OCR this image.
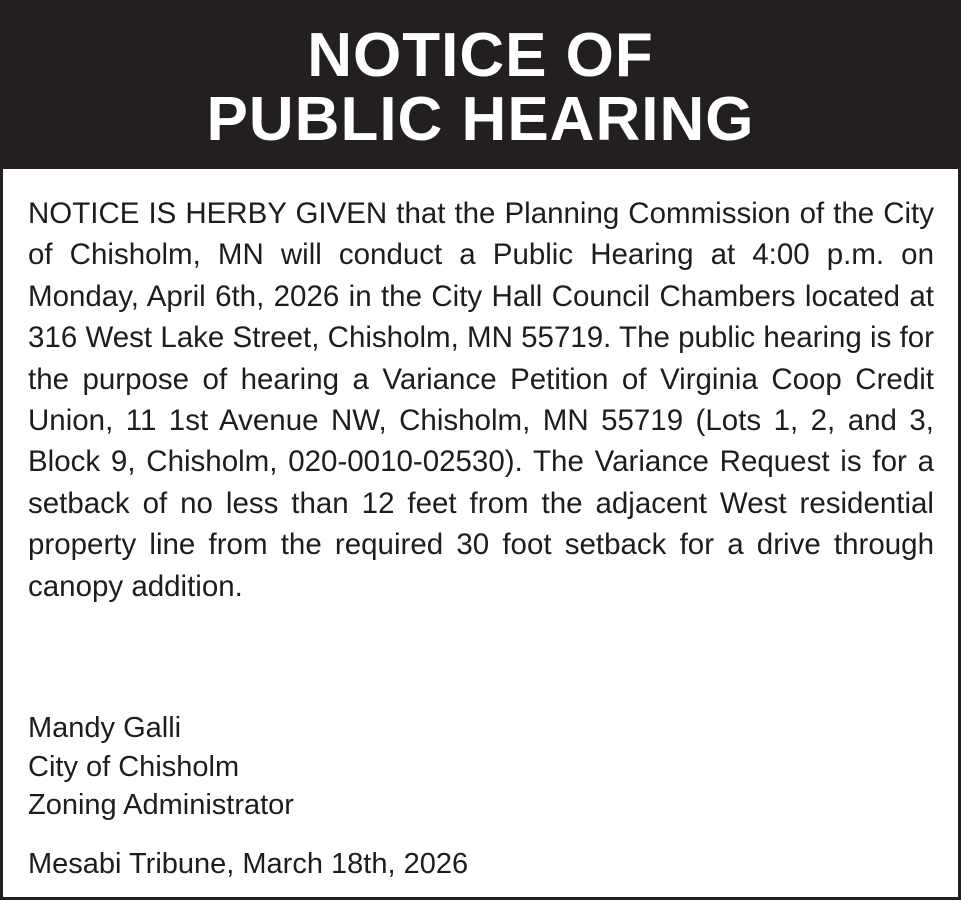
NOTICE OF
PUBLIC HEARING

NOTICE IS HERBY GIVEN that the Planning Commission of the City of Chisholm, MN will conduct a Public Hearing at 4:00 p.m. on Monday, April 6th, 2026 in the City Hall Council Chambers located at 316 West Lake Street, Chisholm, MN 55719. The public hearing is for the purpose of hearing a Variance Petition of Virginia Coop Credit Union, 11 1st Avenue NW, Chisholm, MN 55719 (Lots 1, 2, and 3, Block 9, Chisholm, 020-0010-02530). The Variance Request is for a setback of no less than 12 feet from the adjacent West residential property line from the required 30 foot setback for a drive through canopy addition.

Mandy Galli
City of Chisholm
Zoning Administrator
Mesabi Tribune, March 18th, 2026
